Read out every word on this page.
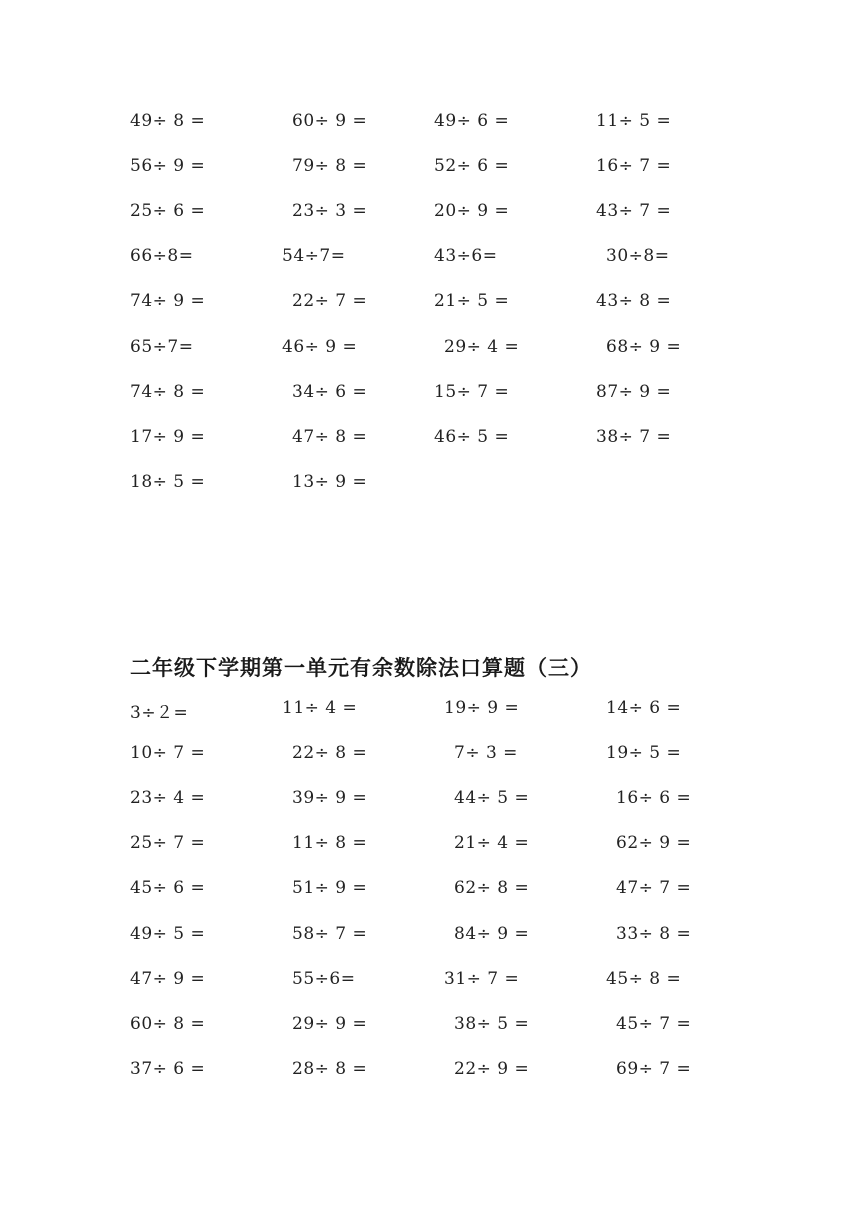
49÷ 8 =	60÷ 9 =	49÷ 6 =	11÷ 5 =
56÷ 9 =	79÷ 8 =	52÷ 6 =	16÷ 7 =
25÷ 6 =	23÷ 3 =	20÷ 9 =	43÷ 7 =
66÷8=	54÷7=	43÷6=	30÷8=
74÷ 9 =	22÷ 7 =	21÷ 5 =	43÷ 8 =
65÷7=	46÷ 9 =	29÷ 4 =	68÷ 9 =
74÷ 8 =	34÷ 6 =	15÷ 7 =	87÷ 9 =
17÷ 9 =	47÷ 8 =	46÷ 5 =	38÷ 7 =
18÷ 5 =	13÷ 9 =
二年级下学期第一单元有余数除法口算题（三）
3÷２=	11÷ 4 =	19÷ 9 =	14÷ 6 =
10÷ 7 =	22÷ 8 =	7÷ 3 =	19÷ 5 =
23÷ 4 =	39÷ 9 =	44÷ 5 =	16÷ 6 =
25÷ 7 =	11÷ 8 =	21÷ 4 =	62÷ 9 =
45÷ 6 =	51÷ 9 =	62÷ 8 =	47÷ 7 =
49÷ 5 =	58÷ 7 =	84÷ 9 =	33÷ 8 =
47÷ 9 =	55÷6=	31÷ 7 =	45÷ 8 =
60÷ 8 =	29÷ 9 =	38÷ 5 =	45÷ 7 =
37÷ 6 =	28÷ 8 =	22÷ 9 =	69÷ 7 =
